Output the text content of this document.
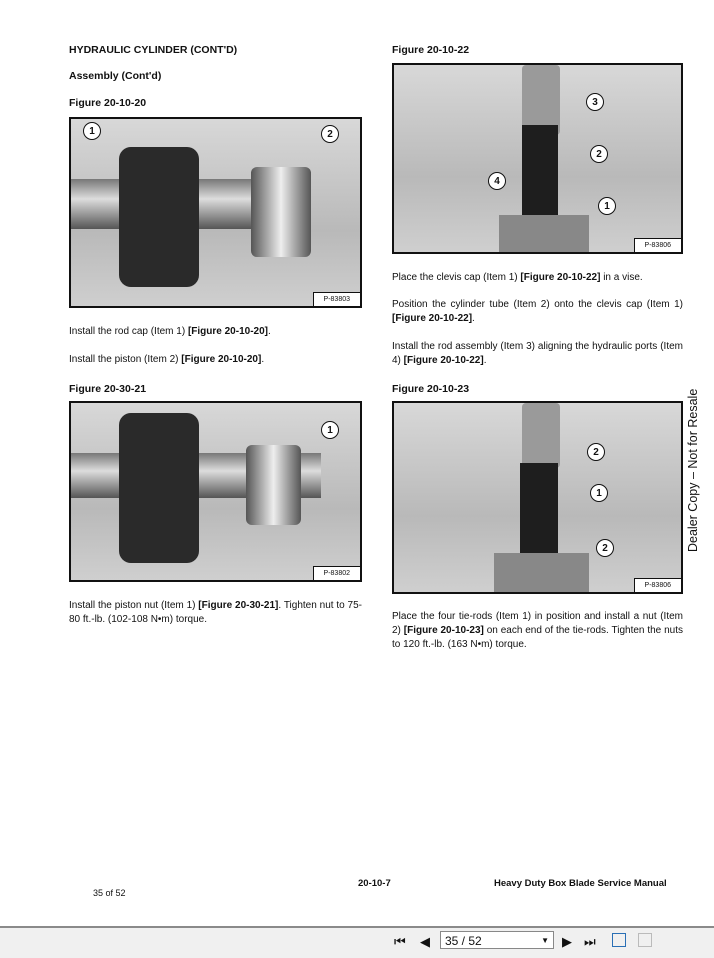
HYDRAULIC CYLINDER (CONT'D)
Assembly (Cont'd)
Figure 20-10-20
1	2
P-83803
Install the rod cap (Item 1) [Figure 20-10-20].
Install the piston (Item 2) [Figure 20-10-20].
Figure 20-30-21
1
P-83802
Install the piston nut (Item 1) [Figure 20-30-21]. Tighten nut to 75-80 ft.-lb. (102-108 N•m) torque.
Figure 20-10-22
3
2
4
1
P-83806
Place the clevis cap (Item 1) [Figure 20-10-22] in a vise.
Position the cylinder tube (Item 2) onto the clevis cap (Item 1) [Figure 20-10-22].
Install the rod assembly (Item 3) aligning the hydraulic ports (Item 4) [Figure 20-10-22].
Figure 20-10-23
2
1
2
P-83806
Place the four tie-rods (Item 1) in position and install a nut (Item 2) [Figure 20-10-23] on each end of the tie-rods. Tighten the nuts to 120 ft.-lb. (163 N•m) torque.
Dealer Copy – Not for Resale
35 of 52
20-10-7	Heavy Duty Box Blade Service Manual
⏮ ◀	35 / 52	▼ ▶ ⏭
